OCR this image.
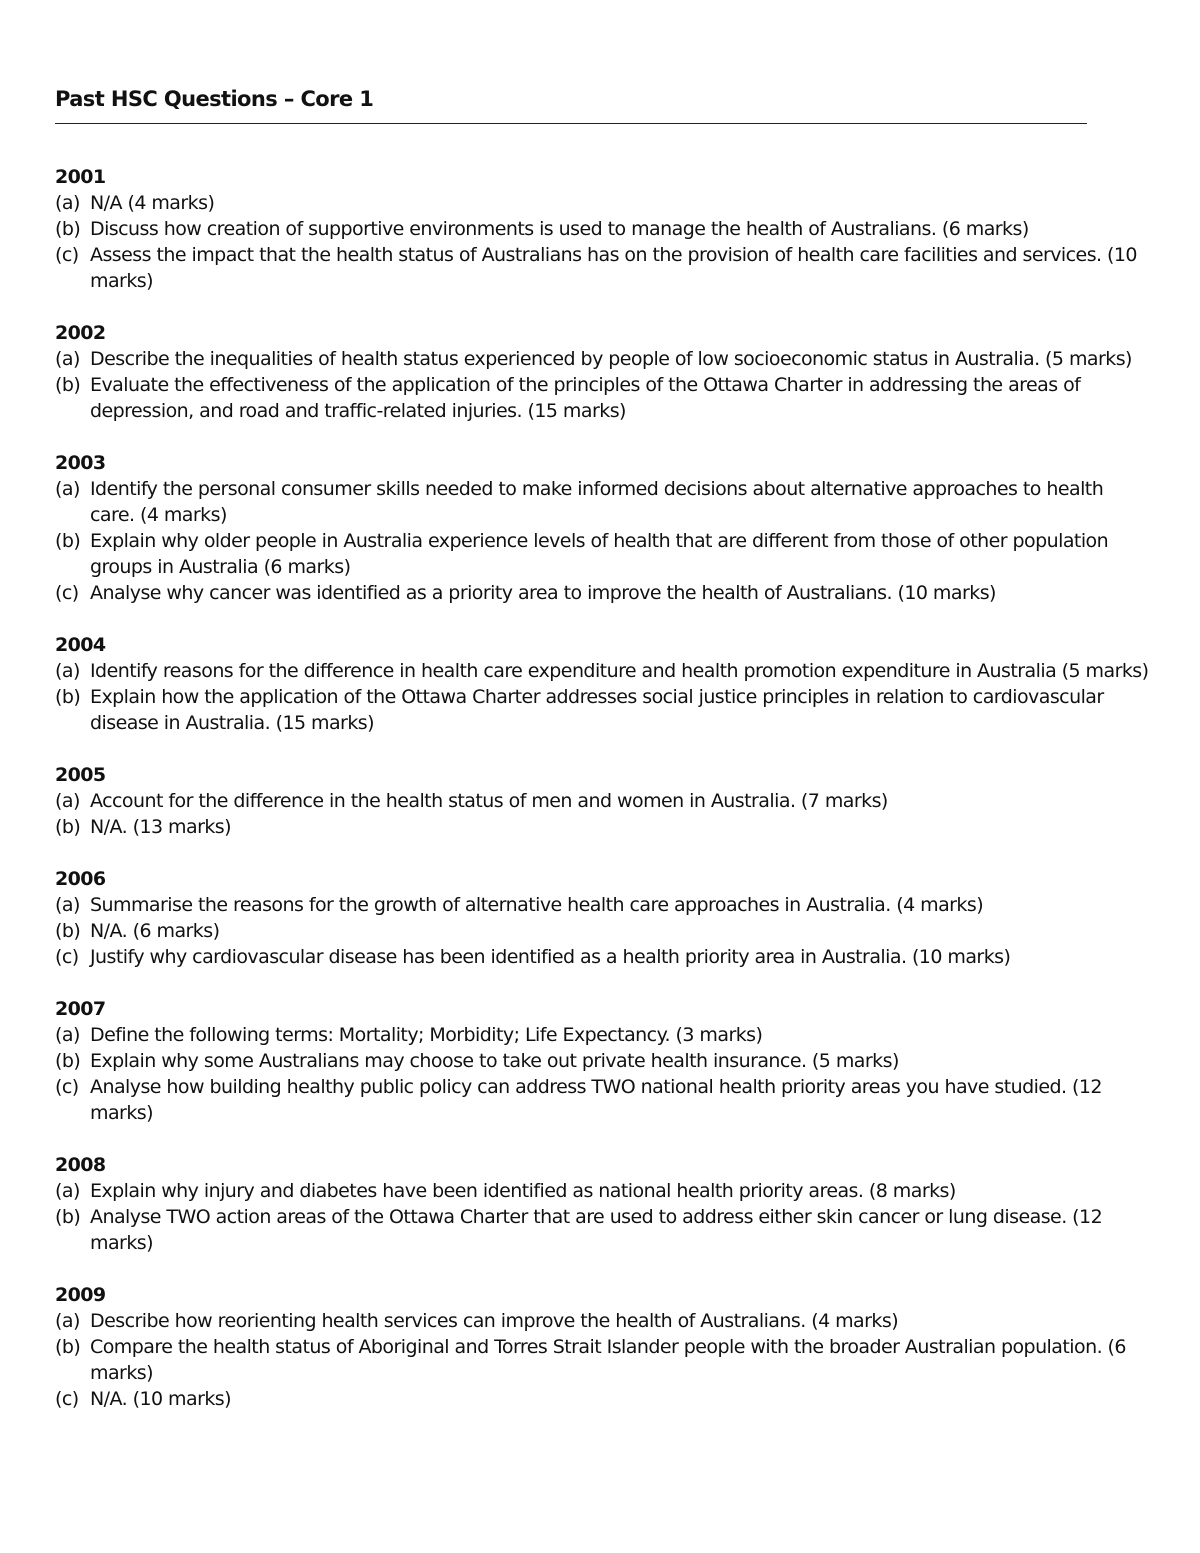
Past HSC Questions – Core 1
2001
(a) N/A (4 marks)
(b) Discuss how creation of supportive environments is used to manage the health of Australians. (6 marks)
(c) Assess the impact that the health status of Australians has on the provision of health care facilities and services. (10 marks)
2002
(a) Describe the inequalities of health status experienced by people of low socioeconomic status in Australia. (5 marks)
(b) Evaluate the effectiveness of the application of the principles of the Ottawa Charter in addressing the areas of depression, and road and traffic-related injuries. (15 marks)
2003
(a) Identify the personal consumer skills needed to make informed decisions about alternative approaches to health care. (4 marks)
(b) Explain why older people in Australia experience levels of health that are different from those of other population groups in Australia (6 marks)
(c) Analyse why cancer was identified as a priority area to improve the health of Australians. (10 marks)
2004
(a) Identify reasons for the difference in health care expenditure and health promotion expenditure in Australia (5 marks)
(b) Explain how the application of the Ottawa Charter addresses social justice principles in relation to cardiovascular disease in Australia. (15 marks)
2005
(a) Account for the difference in the health status of men and women in Australia. (7 marks)
(b) N/A. (13 marks)
2006
(a) Summarise the reasons for the growth of alternative health care approaches in Australia. (4 marks)
(b) N/A. (6 marks)
(c) Justify why cardiovascular disease has been identified as a health priority area in Australia. (10 marks)
2007
(a) Define the following terms: Mortality; Morbidity; Life Expectancy. (3 marks)
(b) Explain why some Australians may choose to take out private health insurance. (5 marks)
(c) Analyse how building healthy public policy can address TWO national health priority areas you have studied. (12 marks)
2008
(a) Explain why injury and diabetes have been identified as national health priority areas. (8 marks)
(b) Analyse TWO action areas of the Ottawa Charter that are used to address either skin cancer or lung disease. (12 marks)
2009
(a) Describe how reorienting health services can improve the health of Australians. (4 marks)
(b) Compare the health status of Aboriginal and Torres Strait Islander people with the broader Australian population. (6 marks)
(c) N/A. (10 marks)
